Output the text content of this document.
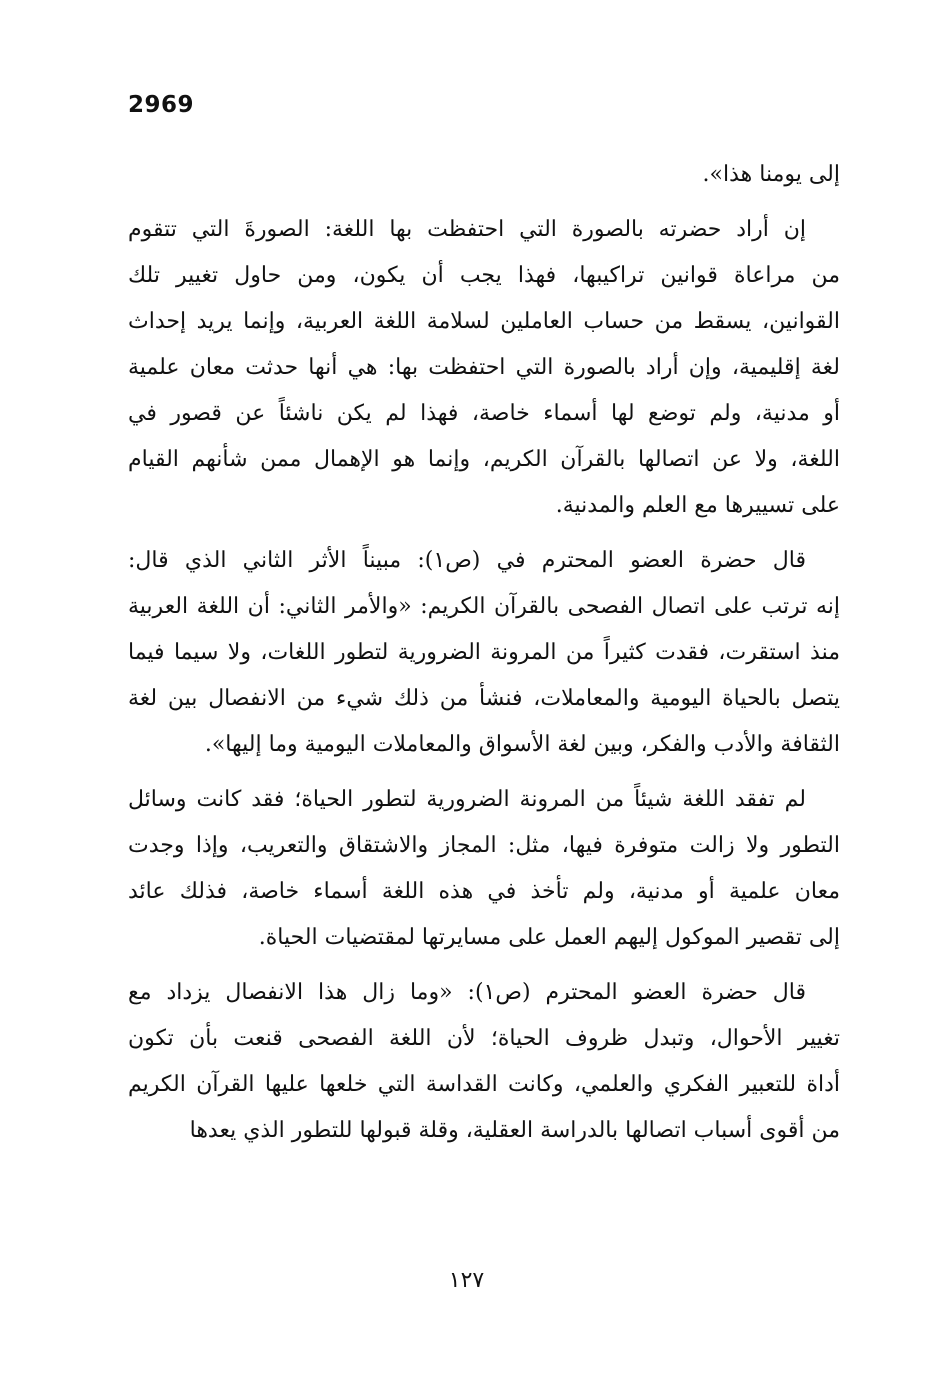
2969
إلى يومنا هذا».
إن أراد حضرته بالصورة التي احتفظت بها اللغة: الصورةَ التي تتقوم
من مراعاة قوانين تراكيبها، فهذا يجب أن يكون، ومن حاول تغيير تلك
القوانين، يسقط من حساب العاملين لسلامة اللغة العربية، وإنما يريد إحداث
لغة إقليمية، وإن أراد بالصورة التي احتفظت بها: هي أنها حدثت معان علمية
أو مدنية، ولم توضع لها أسماء خاصة، فهذا لم يكن ناشئاً عن قصور في
اللغة، ولا عن اتصالها بالقرآن الكريم، وإنما هو الإهمال ممن شأنهم القيام
على تسييرها مع العلم والمدنية.
قال حضرة العضو المحترم في (ص١): مبيناً الأثر الثاني الذي قال:
إنه ترتب على اتصال الفصحى بالقرآن الكريم: «والأمر الثاني: أن اللغة العربية
منذ استقرت، فقدت كثيراً من المرونة الضرورية لتطور اللغات، ولا سيما فيما
يتصل بالحياة اليومية والمعاملات، فنشأ من ذلك شيء من الانفصال بين لغة
الثقافة والأدب والفكر، وبين لغة الأسواق والمعاملات اليومية وما إليها».
لم تفقد اللغة شيئاً من المرونة الضرورية لتطور الحياة؛ فقد كانت وسائل
التطور ولا زالت متوفرة فيها، مثل: المجاز والاشتقاق والتعريب، وإذا وجدت
معان علمية أو مدنية، ولم تأخذ في هذه اللغة أسماء خاصة، فذلك عائد
إلى تقصير الموكول إليهم العمل على مسايرتها لمقتضيات الحياة.
قال حضرة العضو المحترم (ص١): «وما زال هذا الانفصال يزداد مع
تغيير الأحوال، وتبدل ظروف الحياة؛ لأن اللغة الفصحى قنعت بأن تكون
أداة للتعبير الفكري والعلمي، وكانت القداسة التي خلعها عليها القرآن الكريم
من أقوى أسباب اتصالها بالدراسة العقلية، وقلة قبولها للتطور الذي يعدها
١٢٧
